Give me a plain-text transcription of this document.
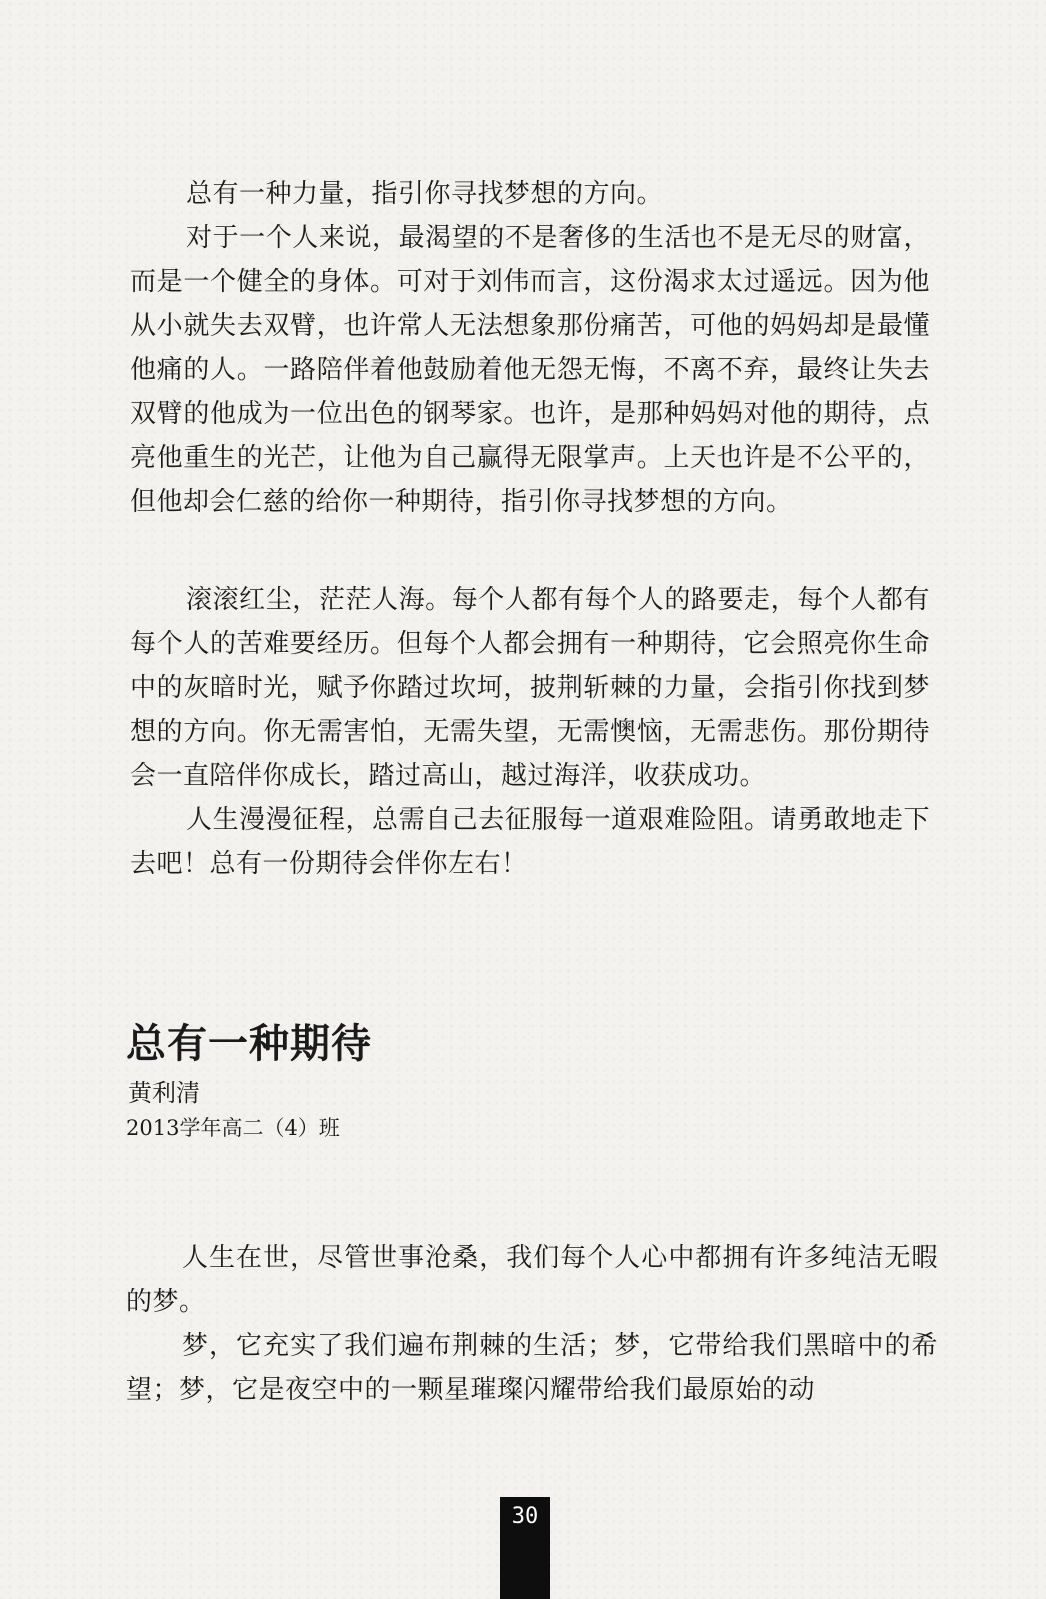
总有一种力量，指引你寻找梦想的方向。

对于一个人来说，最渴望的不是奢侈的生活也不是无尽的财富，而是一个健全的身体。可对于刘伟而言，这份渴求太过遥远。因为他从小就失去双臂，也许常人无法想象那份痛苦，可他的妈妈却是最懂他痛的人。一路陪伴着他鼓励着他无怨无悔，不离不弃，最终让失去双臂的他成为一位出色的钢琴家。也许，是那种妈妈对他的期待，点亮他重生的光芒，让他为自己赢得无限掌声。上天也许是不公平的，但他却会仁慈的给你一种期待，指引你寻找梦想的方向。

滚滚红尘，茫茫人海。每个人都有每个人的路要走，每个人都有每个人的苦难要经历。但每个人都会拥有一种期待，它会照亮你生命中的灰暗时光，赋予你踏过坎坷，披荆斩棘的力量，会指引你找到梦想的方向。你无需害怕，无需失望，无需懊恼，无需悲伤。那份期待会一直陪伴你成长，踏过高山，越过海洋，收获成功。

人生漫漫征程，总需自己去征服每一道艰难险阻。请勇敢地走下去吧！总有一份期待会伴你左右！

总有一种期待

黄利清

2013学年高二（4）班

人生在世，尽管世事沧桑，我们每个人心中都拥有许多纯洁无暇的梦。

梦，它充实了我们遍布荆棘的生活；梦，它带给我们黑暗中的希望；梦，它是夜空中的一颗星璀璨闪耀带给我们最原始的动

30
